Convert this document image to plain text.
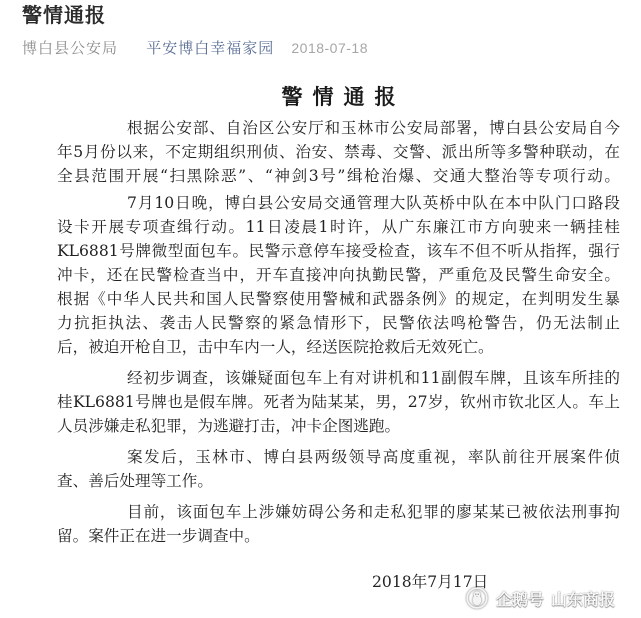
警情通报
博白县公安局 平安博白幸福家园 2018-07-18
警情通报
根据公安部、自治区公安厅和玉林市公安局部署，博白县公安局自今
年5月份以来，不定期组织刑侦、治安、禁毒、交警、派出所等多警种联动，在
全县范围开展“扫黑除恶”、“神剑3号”缉枪治爆、交通大整治等专项行动。
7月10日晚，博白县公安局交通管理大队英桥中队在本中队门口路段
设卡开展专项查缉行动。11日凌晨1时许，从广东廉江市方向驶来一辆挂桂
KL6881号牌微型面包车。民警示意停车接受检查，该车不但不听从指挥，强行
冲卡，还在民警检查当中，开车直接冲向执勤民警，严重危及民警生命安全。
根据《中华人民共和国人民警察使用警械和武器条例》的规定，在判明发生暴
力抗拒执法、袭击人民警察的紧急情形下，民警依法鸣枪警告，仍无法制止
后，被迫开枪自卫，击中车内一人，经送医院抢救后无效死亡。
经初步调查，该嫌疑面包车上有对讲机和11副假车牌，且该车所挂的
桂KL6881号牌也是假车牌。死者为陆某某，男，27岁，钦州市钦北区人。车上
人员涉嫌走私犯罪，为逃避打击，冲卡企图逃跑。
案发后，玉林市、博白县两级领导高度重视，率队前往开展案件侦
查、善后处理等工作。
目前，该面包车上涉嫌妨碍公务和走私犯罪的廖某某已被依法刑事拘
留。案件正在进一步调查中。
2018年7月17日
企鹅号 山东商报
